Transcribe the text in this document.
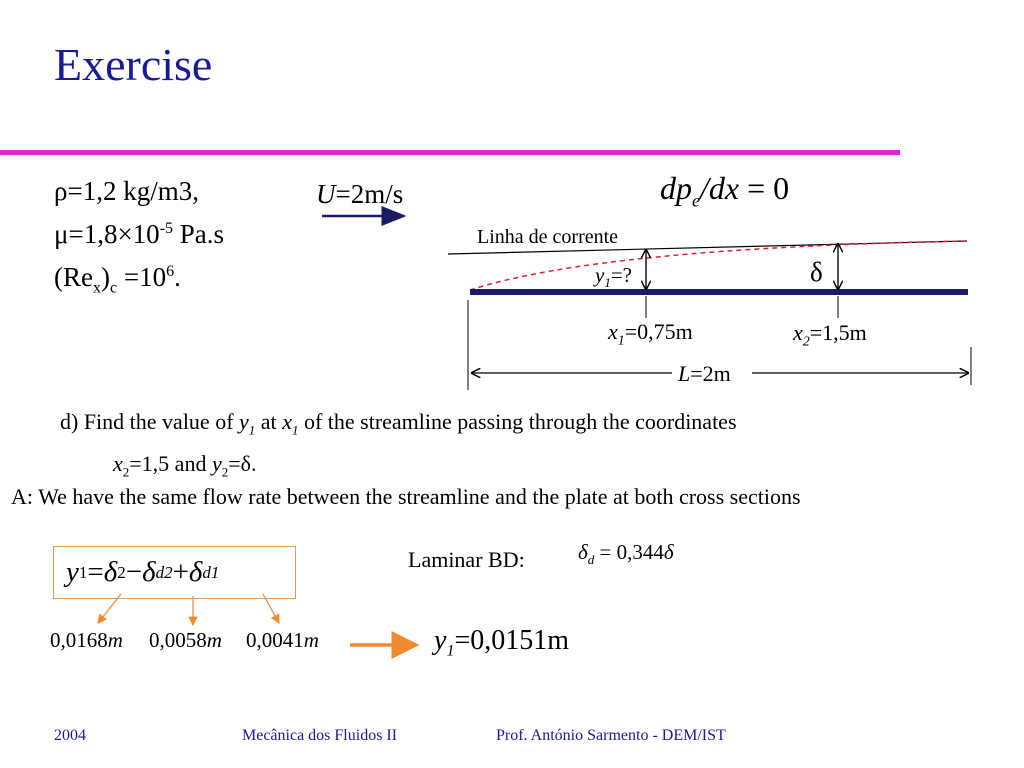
Exercise
ρ=1,2 kg/m3,
$\mu=1,8\times 10^{-5}$ Pa.s
$(Re_x)_c =10^6$.
$dp_e/dx = 0$
U=2m/s
Linha de corrente
δ
$y_1=$?
$x_1=0,75m$	$x_2=1,5m$
L=2m
d) Find the value of $y_1$ at $x_1$ of the streamline passing through the coordinates
$x_2=1,5$ and $y_2=\delta$.
A: We have the same flow rate between the streamline and the plate at both cross sections
y 1 = δ 2 − δ d2 + δ d1	Laminar BD:	$\delta_d = 0,344\delta$
0,0168m 0,0058m 0,0041m	$y_1=0,0151m$
2004	Mecânica dos Fluidos II	Prof. António Sarmento - DEM/IST
